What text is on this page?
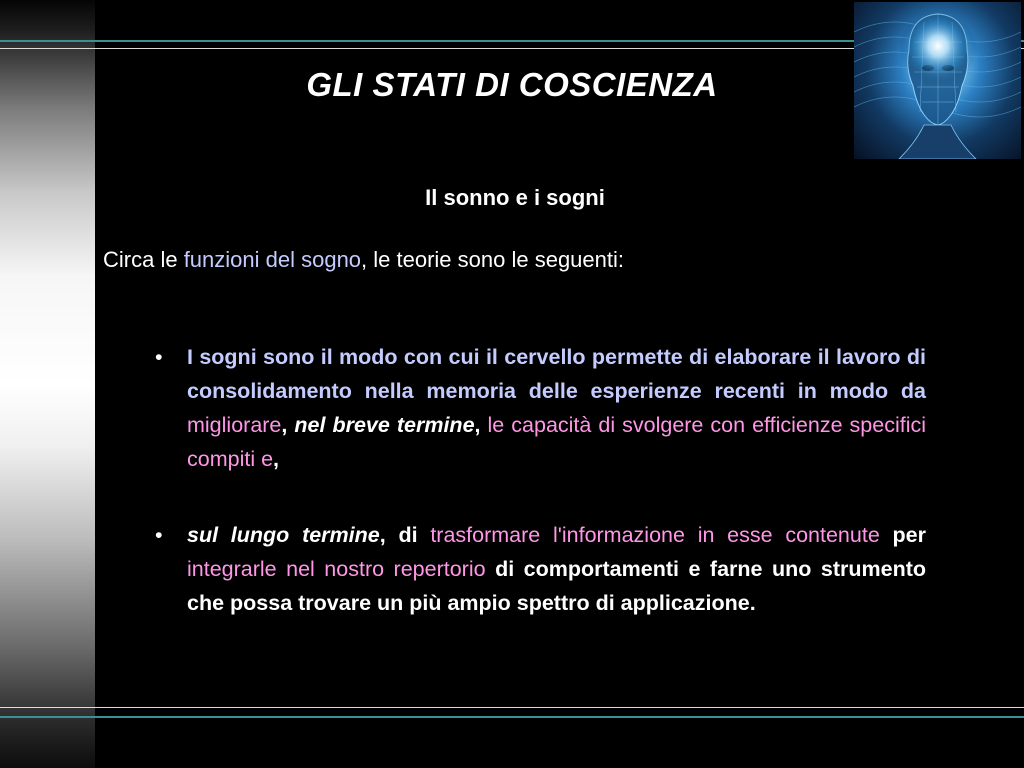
GLI STATI DI COSCIENZA
Il sonno e i sogni
Circa le funzioni del sogno, le teorie sono le seguenti:
• I sogni sono il modo con cui il cervello permette di elaborare il lavoro di consolidamento nella memoria delle esperienze recenti in modo da migliorare, nel breve termine, le capacità di svolgere con efficienze specifici compiti e,
• sul lungo termine, di trasformare l'informazione in esse contenute per integrarle nel nostro repertorio di comportamenti e farne uno strumento che possa trovare un più ampio spettro di applicazione.
